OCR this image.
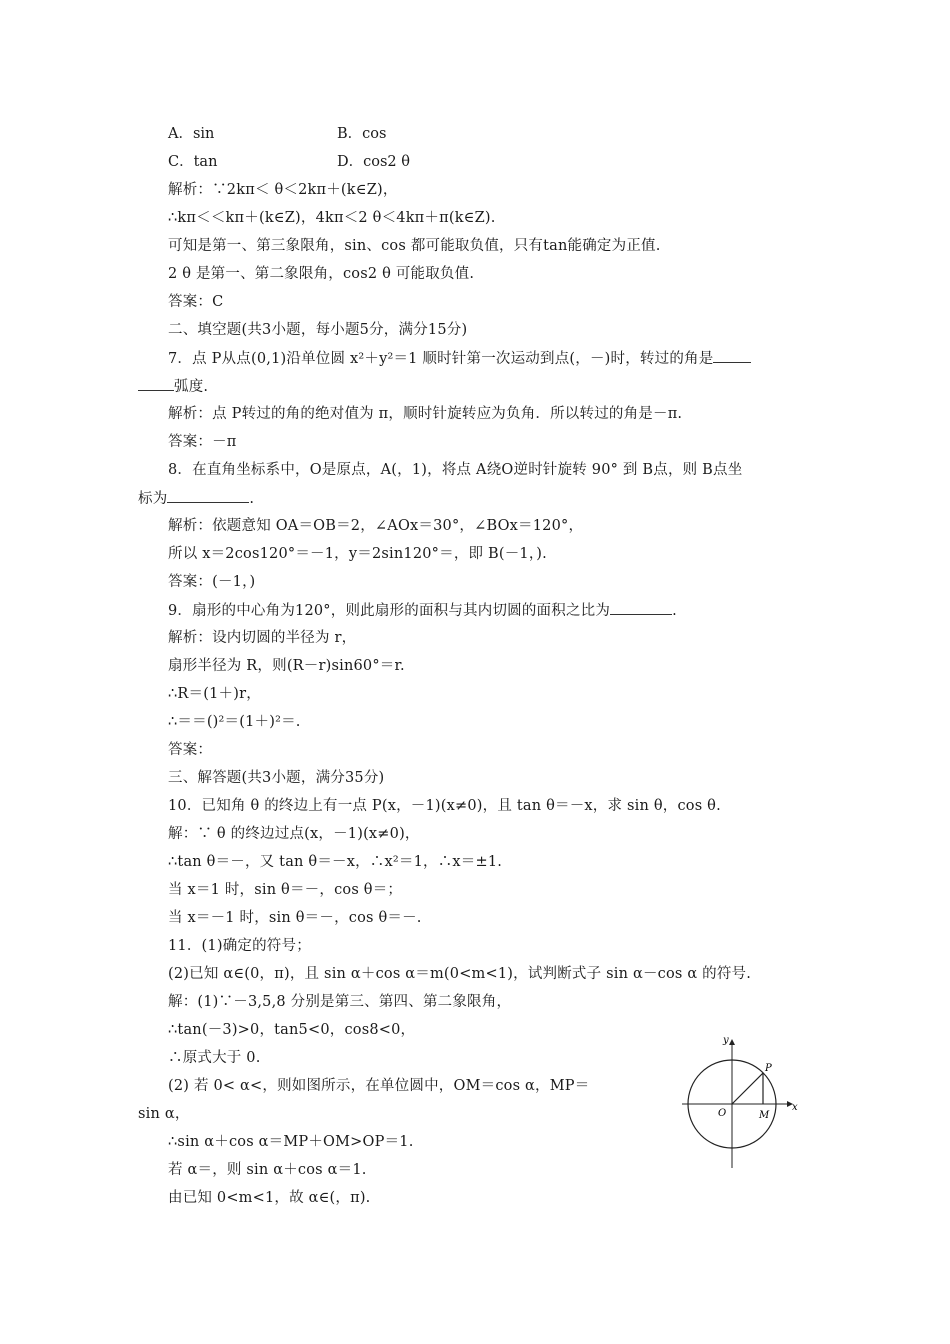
A．sin	B．cos
C．tan	D．cos2 θ
解析：∵2kπ＜ θ＜2kπ＋(k∈Z)，
∴kπ＜＜kπ＋(k∈Z)，4kπ＜2 θ＜4kπ＋π(k∈Z).
可知是第一、第三象限角，sin、cos 都可能取负值，只有tan能确定为正值.
2 θ 是第一、第二象限角，cos2 θ 可能取负值.
答案：C
二、填空题(共3小题，每小题5分，满分15分)
7．点 P从点(0,1)沿单位圆 x²＋y²＝1 顺时针第一次运动到点(，－)时，转过的角是
弧度.
解析：点 P转过的角的绝对值为 π，顺时针旋转应为负角．所以转过的角是－π.
答案：－π
8．在直角坐标系中，O是原点，A(，1)，将点 A绕O逆时针旋转 90° 到 B点，则 B点坐
标为	.
解析：依题意知 OA＝OB＝2，∠AOx＝30°，∠BOx＝120°，
所以 x＝2cos120°＝－1，y＝2sin120°＝，即 B(－1，).
答案：(－1，)
9．扇形的中心角为120°，则此扇形的面积与其内切圆的面积之比为	.
解析：设内切圆的半径为 r，
扇形半径为 R，则(R－r)sin60°＝r.
∴R＝(1＋)r，
∴＝＝()²＝(1＋)²＝.
答案：
三、解答题(共3小题，满分35分)
10．已知角 θ 的终边上有一点 P(x，－1)(x≠0)，且 tan θ＝－x，求 sin θ，cos θ.
解：∵ θ 的终边过点(x，－1)(x≠0)，
∴tan θ＝－，又 tan θ＝－x，∴x²＝1，∴x＝±1.
当 x＝1 时，sin θ＝－，cos θ＝；
当 x＝－1 时，sin θ＝－，cos θ＝－.
11．(1)确定的符号；
(2)已知 α∈(0，π)，且 sin α＋cos α＝m(0<m<1)，试判断式子 sin α－cos α 的符号.
解：(1)∵－3,5,8 分别是第三、第四、第二象限角，
∴tan(－3)>0，tan5<0，cos8<0，
∴原式大于 0.
(2) 若 0< α<，则如图所示，在单位圆中，OM＝cos α，MP＝
sin α，
∴sin α＋cos α＝MP＋OM>OP＝1.
若 α＝，则 sin α＋cos α＝1.
由已知 0<m<1，故 α∈(，π).
y
x
O
P
M
